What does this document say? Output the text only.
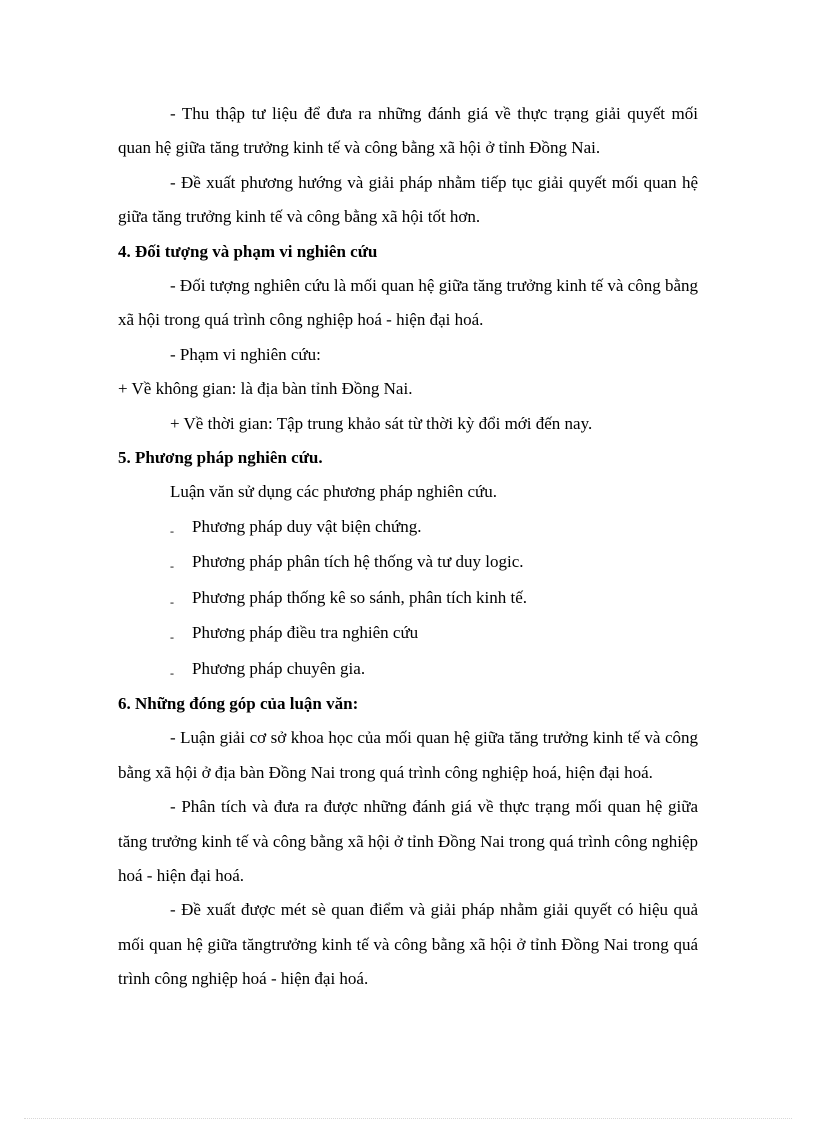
- Thu thập tư liệu để đưa ra những đánh giá về thực trạng giải quyết mối quan hệ giữa tăng trưởng kinh tế và công bằng xã hội ở tỉnh Đồng Nai.

- Đề xuất phương hướng và giải pháp nhằm tiếp tục giải quyết mối quan hệ giữa tăng trưởng kinh tế và công bằng xã hội tốt hơn.

4. Đối tượng và phạm vi nghiên cứu

- Đối tượng nghiên cứu là mối quan hệ giữa tăng trưởng kinh tế và công bằng xã hội trong quá trình công nghiệp hoá - hiện đại hoá.

- Phạm vi nghiên cứu:

+ Về không gian: là địa bàn tỉnh Đồng Nai.

+ Về thời gian: Tập trung khảo sát từ thời kỳ đổi mới đến nay.

5. Phương pháp nghiên cứu.

Luận văn sử dụng các phương pháp nghiên cứu.

-	Phương pháp duy vật biện chứng.

-	Phương pháp phân tích hệ thống và tư duy logic.

-	Phương pháp thống kê so sánh, phân tích kinh tế.

-	Phương pháp điều tra nghiên cứu

-	Phương pháp chuyên gia.

6. Những đóng góp của luận văn:

- Luận giải cơ sở khoa học của mối quan hệ giữa tăng trưởng kinh tế và công bằng xã hội ở địa bàn Đồng Nai trong quá trình công nghiệp hoá, hiện đại hoá.

- Phân tích và đưa ra được những đánh giá về thực trạng mối quan hệ giữa tăng trưởng kinh tế và công bằng xã hội ở tỉnh Đồng Nai trong quá trình công nghiệp hoá - hiện đại hoá.

- Đề xuất được mét sè quan điểm và giải pháp nhằm giải quyết có hiệu quả mối quan hệ giữa tăngtrưởng kinh tế và công bằng xã hội ở tỉnh Đồng Nai trong quá trình công nghiệp hoá - hiện đại hoá.
